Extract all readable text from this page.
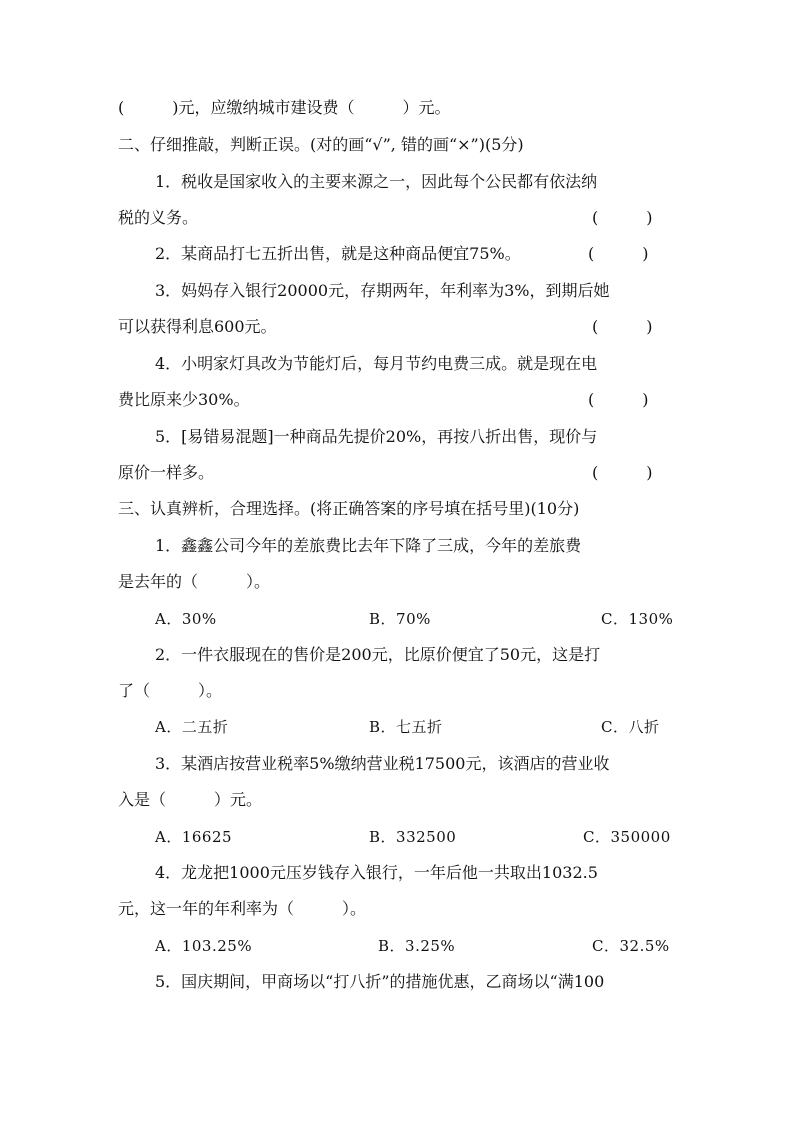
(　　　)元，应缴纳城市建设费（　　　）元。
二、仔细推敲，判断正误。(对的画“√”, 错的画“×”)(5分)
1．税收是国家收入的主要来源之一，因此每个公民都有依法纳
税的义务。	(　　　)
2．某商品打七五折出售，就是这种商品便宜75%。	(　　　)
3．妈妈存入银行20000元，存期两年，年利率为3%，到期后她
可以获得利息600元。	(　　　)
4．小明家灯具改为节能灯后，每月节约电费三成。就是现在电
费比原来少30%。	(　　　)
5．[易错易混题]一种商品先提价20%，再按八折出售，现价与
原价一样多。	(　　　)
三、认真辨析，合理选择。(将正确答案的序号填在括号里)(10分)
1．鑫鑫公司今年的差旅费比去年下降了三成，今年的差旅费
是去年的（　　　）。
A．30%	B．70%	C．130%
2．一件衣服现在的售价是200元，比原价便宜了50元，这是打
了（　　　）。
A．二五折	B．七五折	C．八折
3．某酒店按营业税率5%缴纳营业税17500元，该酒店的营业收
入是（　　　）元。
A．16625	B．332500	C．350000
4．龙龙把1000元压岁钱存入银行，一年后他一共取出1032.5
元，这一年的年利率为（　　　）。
A．103.25%	B．3.25%	C．32.5%
5．国庆期间，甲商场以“打八折”的措施优惠，乙商场以“满100
